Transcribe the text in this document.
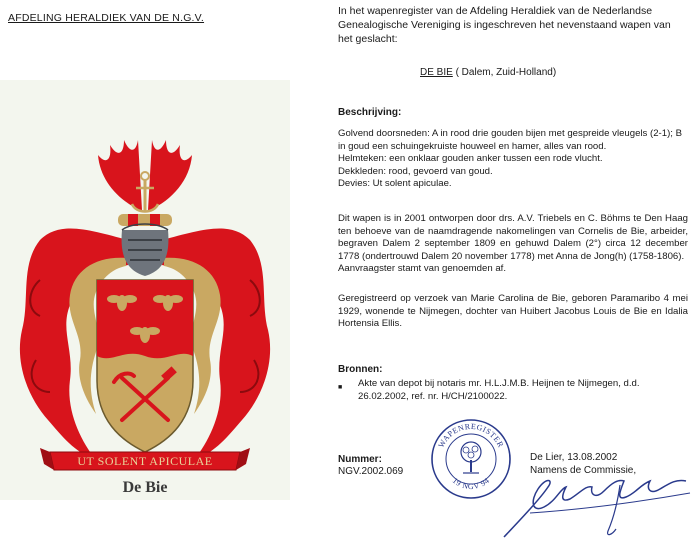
AFDELING HERALDIEK VAN DE N.G.V.
In het wapenregister van de Afdeling Heraldiek van de Nederlandse Genealogische Vereniging is ingeschreven het nevenstaand wapen van het geslacht:
DE BIE ( Dalem, Zuid-Holland)
Beschrijving:
Golvend doorsneden: A in rood drie gouden bijen met gespreide vleugels (2-1); B in goud een schuingekruiste houweel en hamer, alles van rood.
Helmteken: een onklaar gouden anker tussen een rode vlucht.
Dekkleden: rood, gevoerd van goud.
Devies: Ut solent apiculae.
Dit wapen is in 2001 ontworpen door drs. A.V. Triebels en C. Böhms te Den Haag ten behoeve van de naamdragende nakomelingen van Cornelis de Bie, arbeider, begraven Dalem 2 september 1809 en gehuwd Dalem (2°) circa 12 december 1778 (ondertrouwd Dalem 20 november 1778) met Anna de Jong(h) (1758-1806).
Aanvraagster stamt van genoemden af.
Geregistreerd op verzoek van Marie Carolina de Bie, geboren Paramaribo 4 mei 1929, wonende te Nijmegen, dochter van Huibert Jacobus Louis de Bie en Idalia Hortensia Ellis.
Bronnen:
■ Akte van depot bij notaris mr. H.L.J.M.B. Heijnen te Nijmegen, d.d. 26.02.2002, ref. nr. H/CH/2100022.
Nummer:
NGV.2002.069
De Lier, 13.08.2002
Namens de Commissie,
WAPENREGISTER
19 NGV 94
UT SOLENT APICULAE
De Bie
